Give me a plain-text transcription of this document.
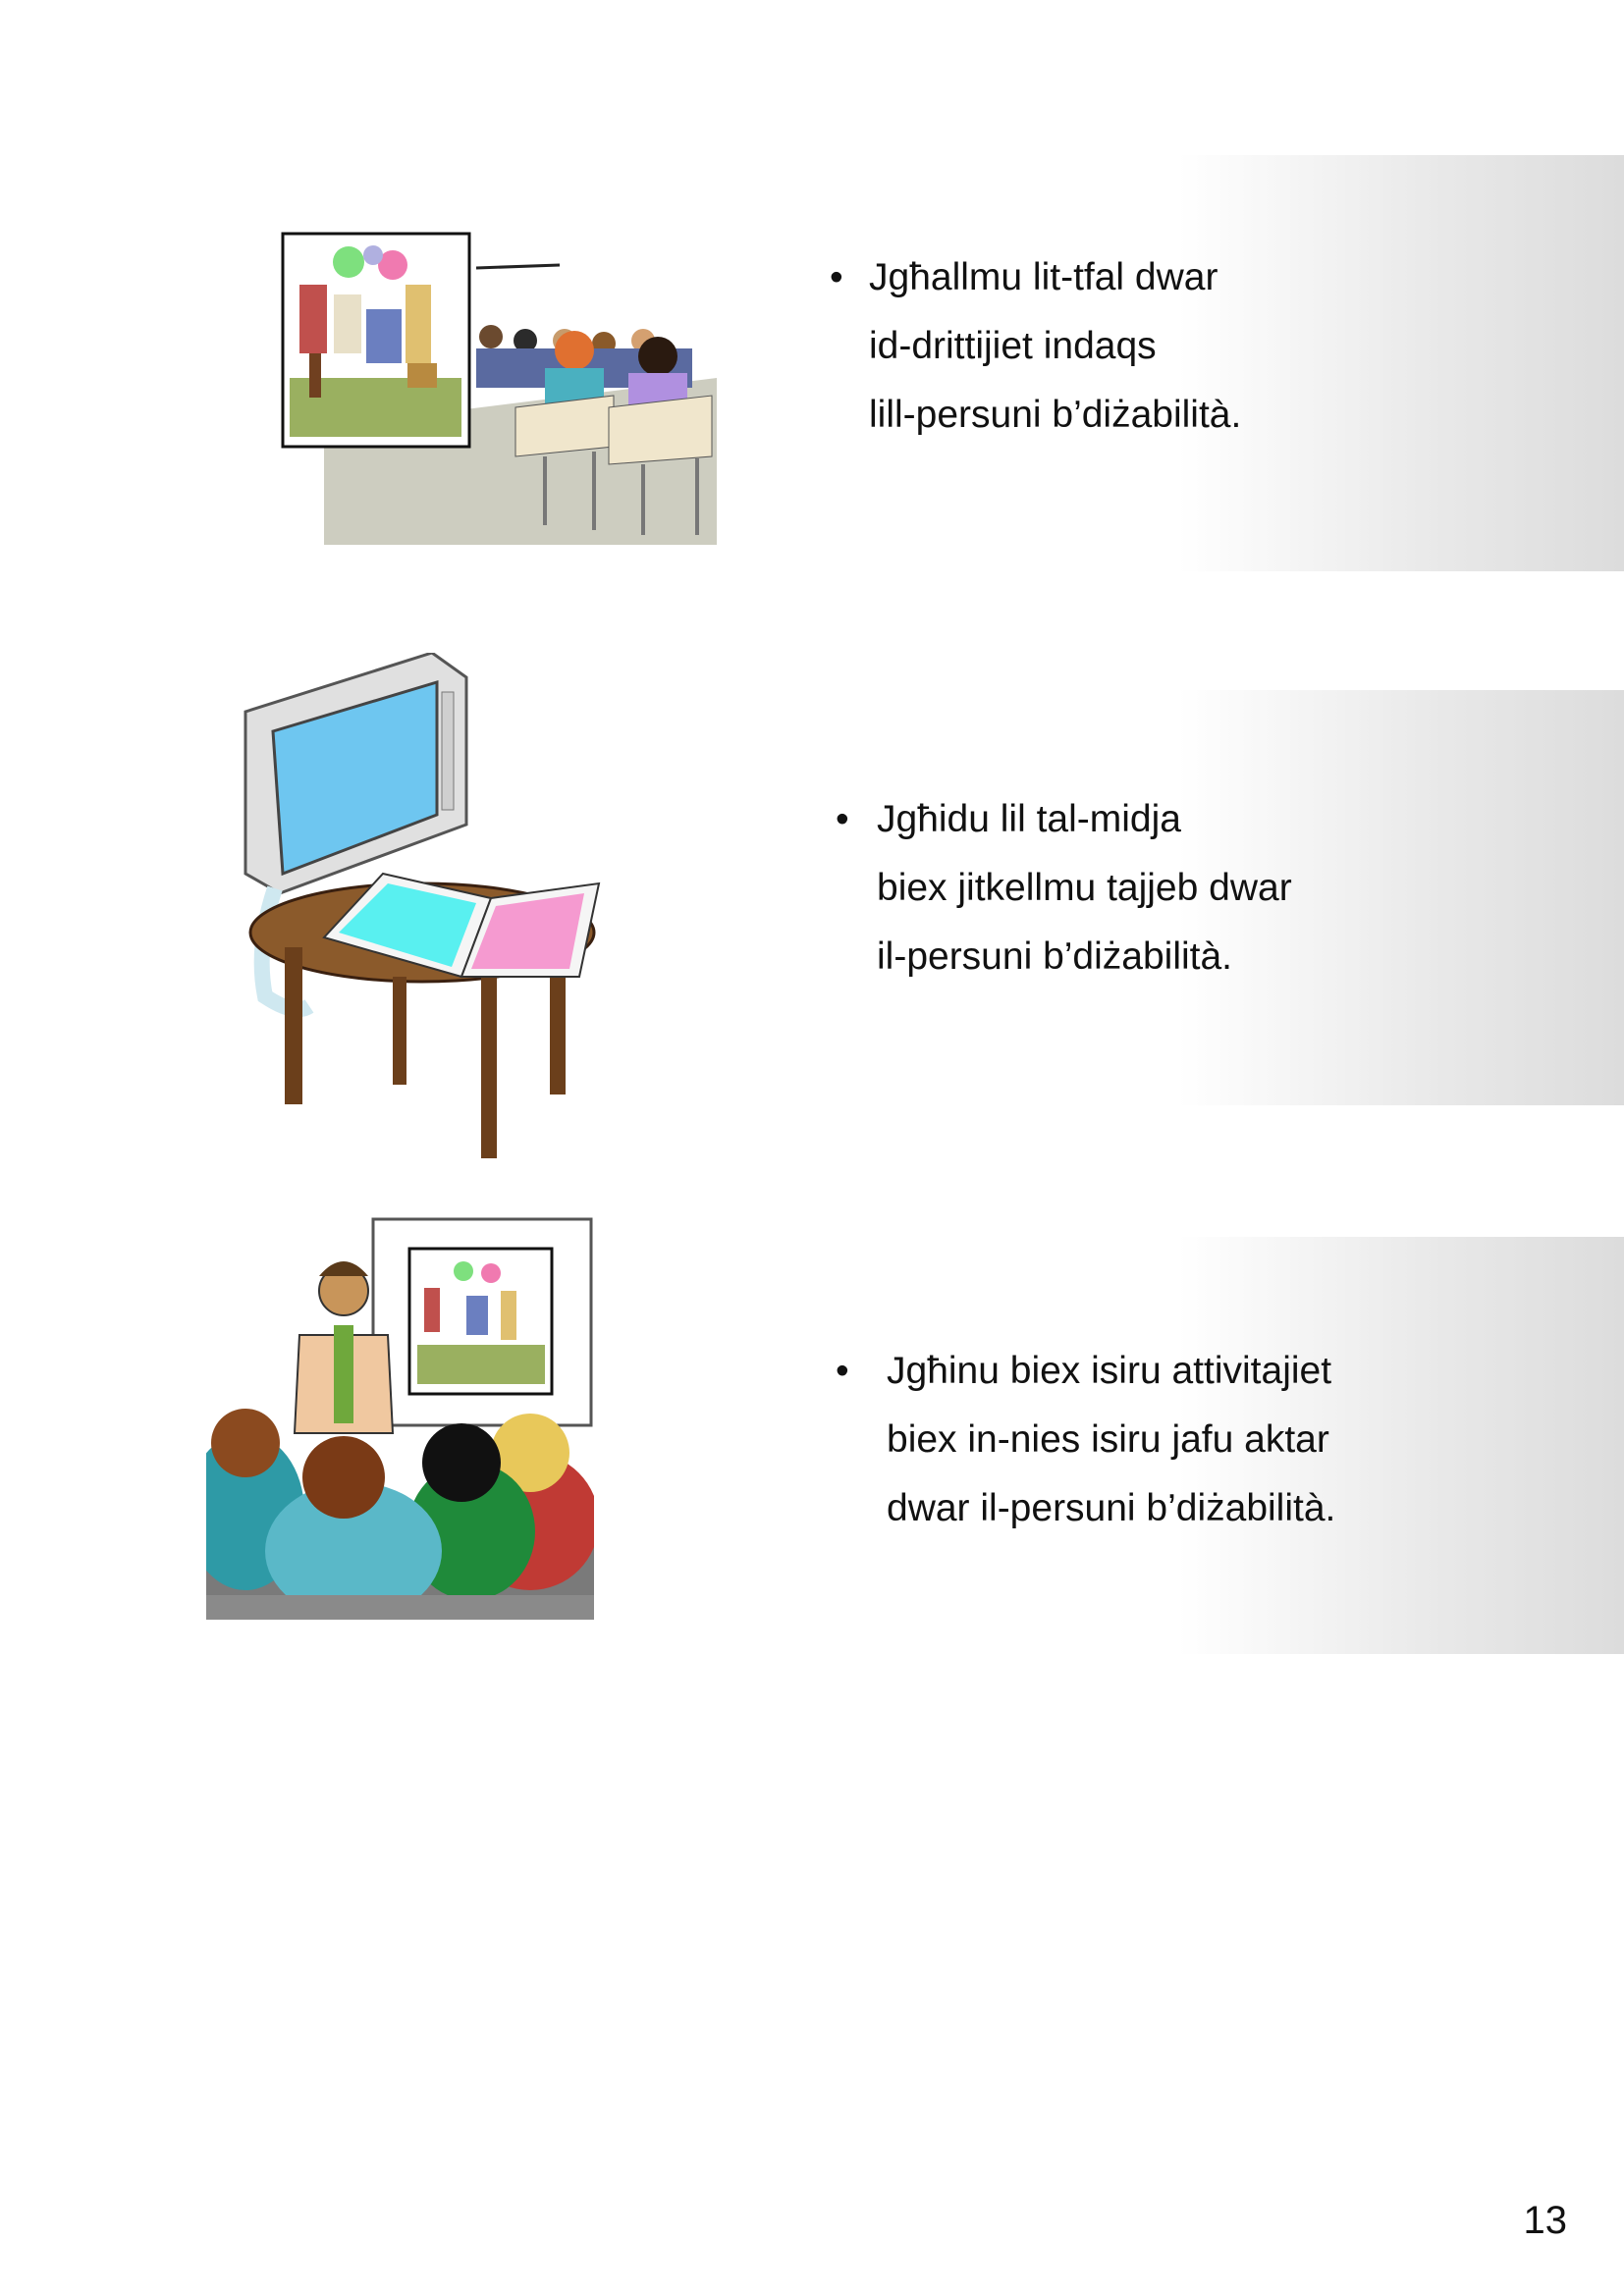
• Jgħallmu lit-tfal dwar
id-drittijiet indaqs
lill-persuni b’diżabilità.
• Jgħidu lil tal-midja
biex jitkellmu tajjeb dwar
il-persuni b’diżabilità.
• Jgħinu biex isiru attivitajiet
biex in-nies isiru jafu aktar
dwar il-persuni b’diżabilità.
13
